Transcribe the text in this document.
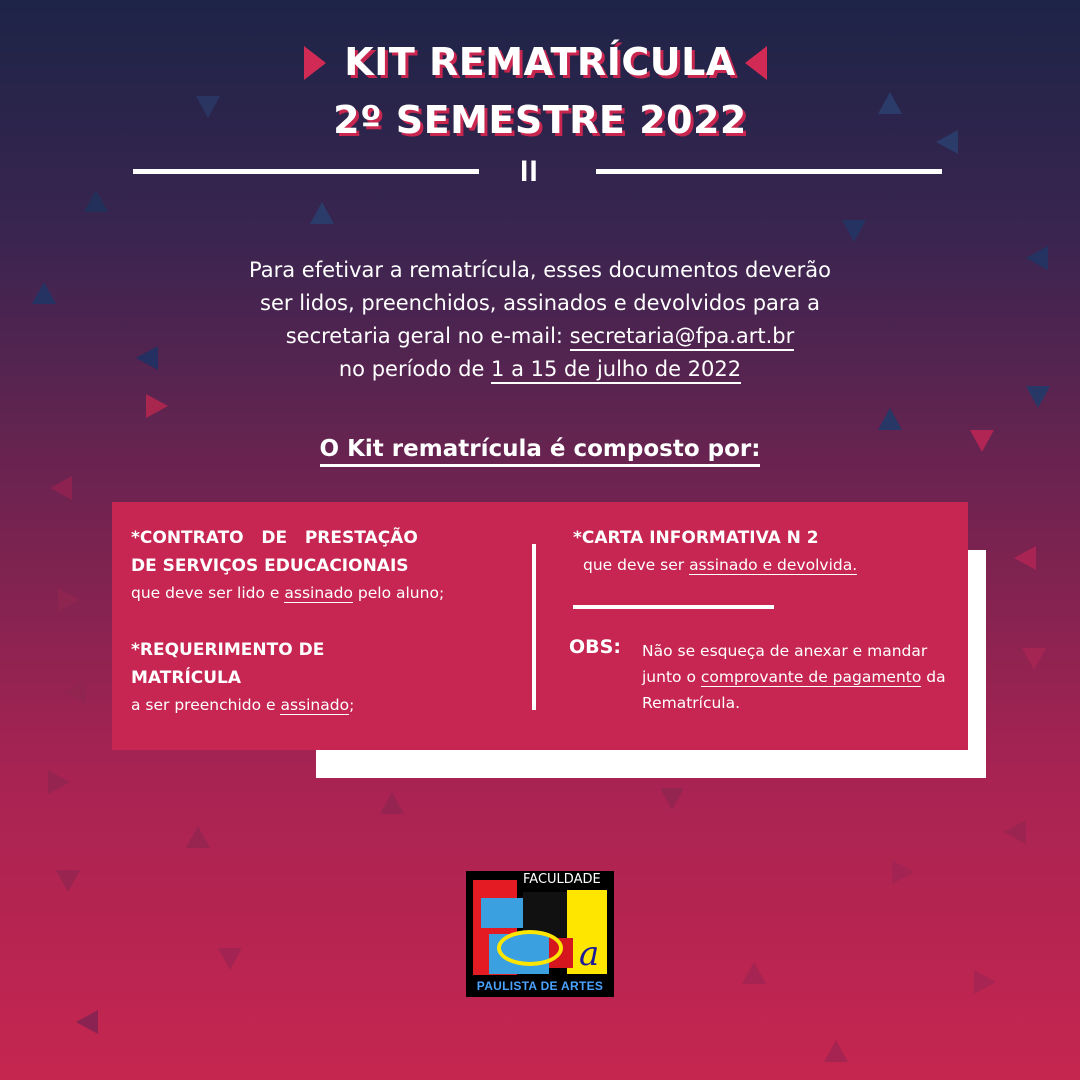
KIT REMATRÍCULA
2º SEMESTRE 2022
II
Para efetivar a rematrícula, esses documentos deverão
ser lidos, preenchidos, assinados e devolvidos para a
secretaria geral no e-mail: secretaria@fpa.art.br
no período de 1 a 15 de julho de 2022
O Kit rematrícula é composto por:
*CONTRATO   DE   PRESTAÇÃO
DE SERVIÇOS EDUCACIONAIS
que deve ser lido e assinado pelo aluno;
*REQUERIMENTO DE
MATRÍCULA
a ser preenchido e assinado;
*CARTA INFORMATIVA N 2
que deve ser assinado e devolvida.
OBS: Não se esqueça de anexar e mandar junto o comprovante de pagamento da Rematrícula.
a
FACULDADE
PAULISTA DE ARTES
